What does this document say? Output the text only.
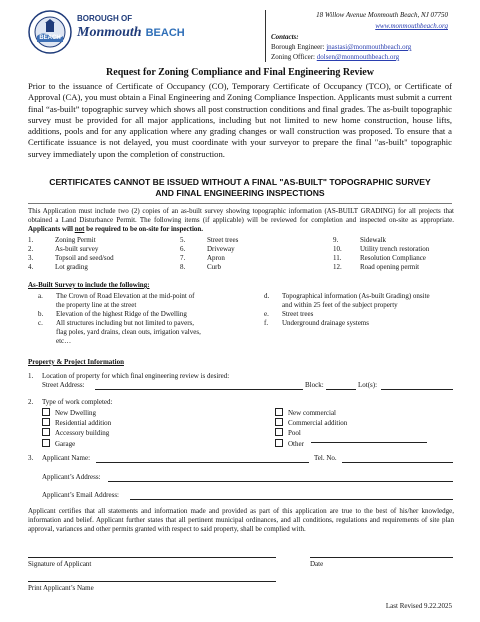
BEACH
BOROUGH OF
Monmouth BEACH
18 Willow Avenue Monmouth Beach, NJ 07750
www.monmouthbeach.org
Contacts:
Borough Engineer: jnastasi@monmouthbeach.org
Zoning Officer: dolsen@monmouthbeach.org
Request for Zoning Compliance and Final Engineering Review
Prior to the issuance of Certificate of Occupancy (CO), Temporary Certificate of Occupancy (TCO), or Certificate of Approval (CA), you must obtain a Final Engineering and Zoning Compliance Inspection. Applicants must submit a current final “as-built” topographic survey which shows all post construction conditions and final grades. The as-built topographic survey must be provided for all major applications, including but not limited to new home construction, house lifts, additions, pools and for any application where any grading changes or wall construction was proposed. To ensure that a Certificate issuance is not delayed, you must coordinate with your surveyor to prepare the final "as-built" topographic survey immediately upon the completion of construction.
CERTIFICATES CANNOT BE ISSUED WITHOUT A FINAL "AS-BUILT" TOPOGRAPHIC SURVEY AND FINAL ENGINEERING INSPECTIONS
This Application must include two (2) copies of an as-built survey showing topographic information (AS-BUILT GRADING) for all projects that obtained a Land Disturbance Permit. The following items (if applicable) will be reviewed for completion and inspected on-site as appropriate. Applicants will not be required to be on-site for inspection.
1.	Zoning Permit
2.	As-built survey
3.	Topsoil and seed/sod
4.	Lot grading
5.	Street trees
6.	Driveway
7.	Apron
8.	Curb
9.	Sidewalk
10.	Utility trench restoration
11.	Resolution Compliance
12.	Road opening permit
As-Built Survey to include the following:
a. The Crown of Road Elevation at the mid-point of
the property line at the street
b. Elevation of the highest Ridge of the Dwelling
c. All structures including but not limited to pavers,
flag poles, yard drains, clean outs, irrigation valves,
etc…
d. Topographical information (As-built Grading) onsite
and within 25 feet of the subject property
e. Street trees
f. Underground drainage systems
Property & Project Information
1. Location of property for which final engineering review is desired:
Street Address:	Block:	Lot(s):
2. Type of work completed:
New Dwelling
Residential addition
Accessory building
Garage
New commercial
Commercial addition
Pool
Other
3. Applicant Name:	Tel. No.
Applicant’s Address:
Applicant’s Email Address:
Applicant certifies that all statements and information made and provided as part of this application are true to the best of his/her knowledge, information and belief. Applicant further states that all pertinent municipal ordinances, and all conditions, regulations and requirements of site plan approval, variances and other permits granted with respect to said property, shall be complied with.
Signature of Applicant	Date
Print Applicant’s Name
Last Revised 9.22.2025
